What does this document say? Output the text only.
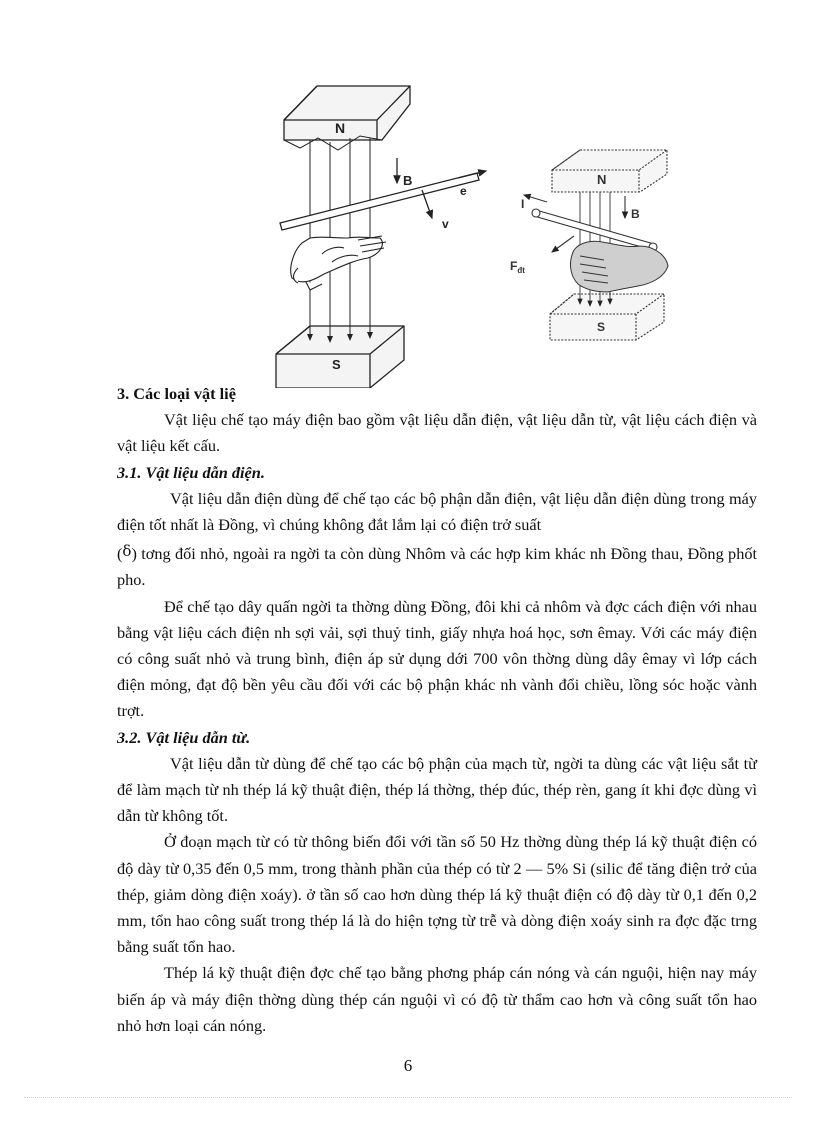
N
S
B
e
v
N
S
B
I
$F_{đt}$

3. Các loại vật liệ

Vật liệu chế tạo máy điện bao gồm vật liệu dẫn điện, vật liệu dẫn từ, vật liệu cách điện và vật liệu kết cấu.

3.1. Vật liệu dẫn điện.

Vật liệu dẫn điện dùng để chế tạo các bộ phận dẫn điện, vật liệu dẫn điện dùng trong máy điện tốt nhất là Đồng, vì chúng không đắt lắm lại có điện trở suất

(δ) tơng đối nhỏ, ngoài ra ngời ta còn dùng Nhôm và các hợp kim khác nh Đồng thau, Đồng phốt pho.

Để chế tạo dây quấn ngời ta thờng dùng Đồng, đôi khi cả nhôm và đợc cách điện với nhau bằng vật liệu cách điện nh sợi vải, sợi thuỷ tinh, giấy nhựa hoá học, sơn êmay. Với các máy điện có công suất nhỏ và trung bình, điện áp sử dụng dới 700 vôn thờng dùng dây êmay vì lớp cách điện mỏng, đạt độ bền yêu cầu đối với các bộ phận khác nh vành đổi chiều, lồng sóc hoặc vành trợt.

3.2. Vật liệu dẫn từ.

Vật liệu dẫn từ dùng để chế tạo các bộ phận của mạch từ, ngời ta dùng các vật liệu sắt từ để làm mạch từ nh thép lá kỹ thuật điện, thép lá thờng, thép đúc, thép rèn, gang ít khi đợc dùng vì dẫn từ không tốt.

Ở đoạn mạch từ có từ thông biến đổi với tần số 50 Hz thờng dùng thép lá kỹ thuật điện có độ dày từ 0,35 đến 0,5 mm, trong thành phần của thép có từ 2 — 5% Si (silic để tăng điện trở của thép, giảm dòng điện xoáy). ở tần số cao hơn dùng thép lá kỹ thuật điện có độ dày từ 0,1 đến 0,2 mm, tổn hao công suất trong thép lá là do hiện tợng từ trễ và dòng điện xoáy sinh ra đợc đặc trng bằng suất tổn hao.

Thép lá kỹ thuật điện đợc chế tạo bằng phơng pháp cán nóng và cán nguội, hiện nay máy biến áp và máy điện thờng dùng thép cán nguội vì có độ từ thẩm cao hơn và công suất tổn hao nhỏ hơn loại cán nóng.

6
